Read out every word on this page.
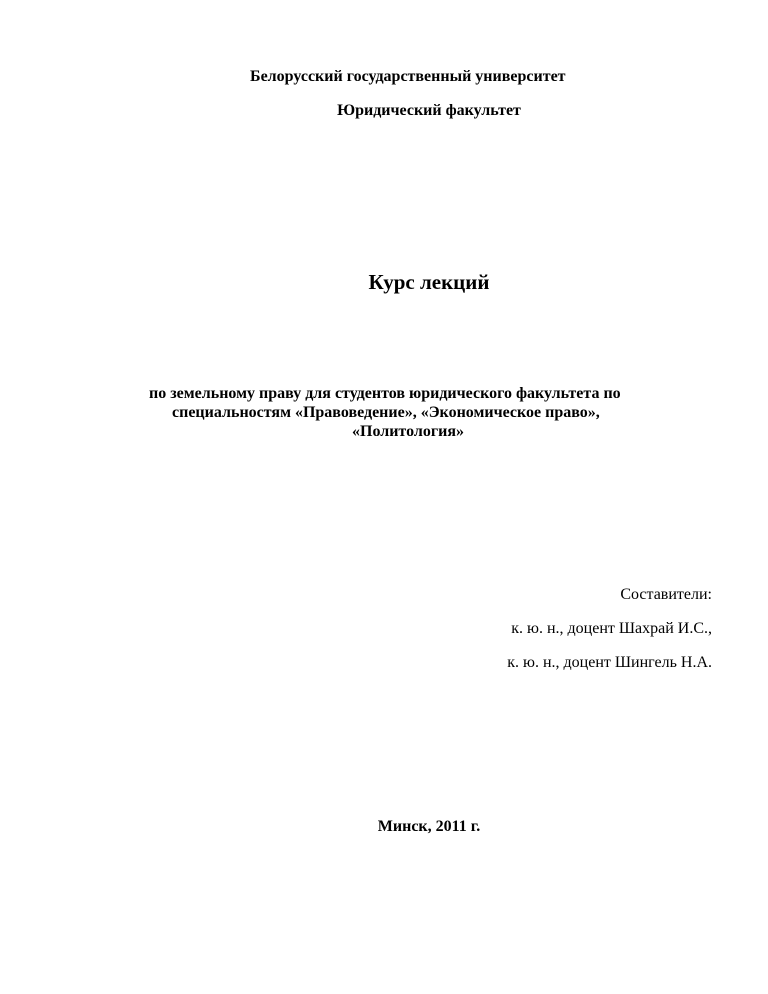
Белорусский государственный университет

Юридический факультет

Курс лекций

по земельному праву для студентов юридического факультета по

специальностям «Правоведение», «Экономическое право»,

«Политология»

Составители:

к. ю. н., доцент Шахрай И.С.,

к. ю. н., доцент Шингель Н.А.

Минск, 2011 г.
